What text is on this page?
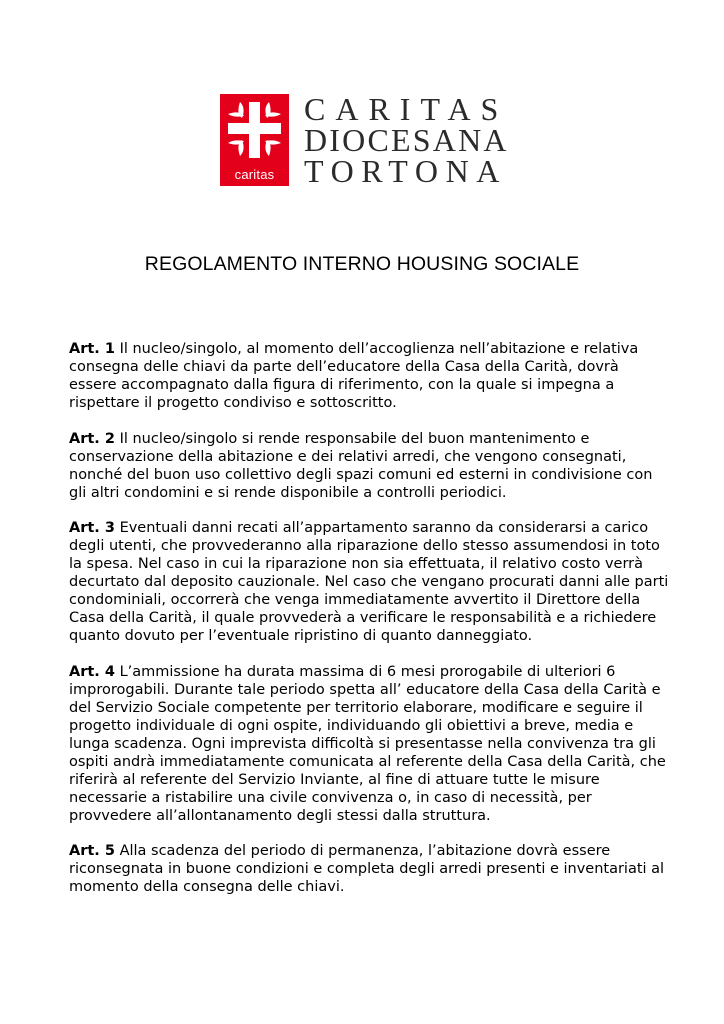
caritas
CARITAS
DIOCESANA
TORTONA
REGOLAMENTO INTERNO HOUSING SOCIALE

Art. 1 Il nucleo/singolo, al momento dell’accoglienza nell’abitazione e relativa consegna delle chiavi da parte dell’educatore della Casa della Carità, dovrà essere accompagnato dalla figura di riferimento, con la quale si impegna a rispettare il progetto condiviso e sottoscritto.

Art. 2 Il nucleo/singolo si rende responsabile del buon mantenimento e conservazione della abitazione e dei relativi arredi, che vengono consegnati, nonché del buon uso collettivo degli spazi comuni ed esterni in condivisione con gli altri condomini e si rende disponibile a controlli periodici.

Art. 3 Eventuali danni recati all’appartamento saranno da considerarsi a carico degli utenti, che provvederanno alla riparazione dello stesso assumendosi in toto la spesa. Nel caso in cui la riparazione non sia effettuata, il relativo costo verrà decurtato dal deposito cauzionale. Nel caso che vengano procurati danni alle parti condominiali, occorrerà che venga immediatamente avvertito il Direttore della Casa della Carità, il quale provvederà a verificare le responsabilità e a richiedere quanto dovuto per l’eventuale ripristino di quanto danneggiato.

Art. 4 L’ammissione ha durata massima di 6 mesi prorogabile di ulteriori 6 improrogabili. Durante tale periodo spetta all’ educatore della Casa della Carità e del Servizio Sociale competente per territorio elaborare, modificare e seguire il progetto individuale di ogni ospite, individuando gli obiettivi a breve, media e lunga scadenza. Ogni imprevista difficoltà si presentasse nella convivenza tra gli ospiti andrà immediatamente comunicata al referente della Casa della Carità, che riferirà al referente del Servizio Inviante, al fine di attuare tutte le misure necessarie a ristabilire una civile convivenza o, in caso di necessità, per provvedere all’allontanamento degli stessi dalla struttura.

Art. 5 Alla scadenza del periodo di permanenza, l’abitazione dovrà essere riconsegnata in buone condizioni e completa degli arredi presenti e inventariati al momento della consegna delle chiavi.
